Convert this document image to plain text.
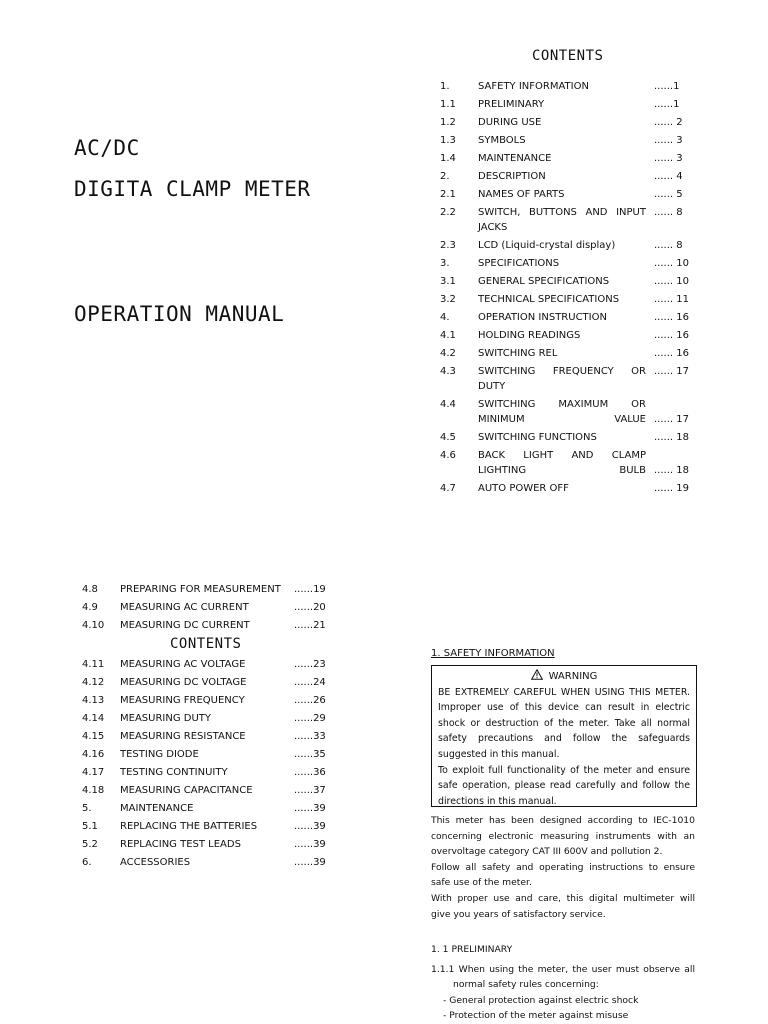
AC/DC
DIGITA CLAMP METER
OPERATION MANUAL
CONTENTS
1.	SAFETY INFORMATION	......1
1.1 PRELIMINARY	......1
1.2 DURING USE	...... 2
1.3 SYMBOLS	...... 3
1.4 MAINTENANCE	...... 3
2.	DESCRIPTION	...... 4
2.1 NAMES OF PARTS	...... 5
2.2 SWITCH, BUTTONS AND INPUT JACKS
...... 8
2.3 LCD (Liquid-crystal display)	...... 8
3.	SPECIFICATIONS	...... 10
3.1 GENERAL SPECIFICATIONS	...... 10
3.2 TECHNICAL SPECIFICATIONS	...... 11
4.	OPERATION INSTRUCTION	...... 16
4.1 HOLDING READINGS	...... 16
4.2 SWITCHING REL	...... 16
4.3 SWITCHING FREQUENCY OR DUTY
...... 17
4.4 SWITCHING MAXIMUM OR MINIMUM VALUE ...... 17
4.5 SWITCHING FUNCTIONS	...... 18
4.6 BACK LIGHT AND CLAMP LIGHTING BULB ...... 18
4.7 AUTO POWER OFF	...... 19
4.8 PREPARING FOR MEASUREMENT	......19
4.9 MEASURING AC CURRENT	......20
4.10 MEASURING DC CURRENT	......21
CONTENTS
4.11 MEASURING AC VOLTAGE	......23
4.12 MEASURING DC VOLTAGE	......24
4.13 MEASURING FREQUENCY	......26
4.14 MEASURING DUTY	......29
4.15 MEASURING RESISTANCE	......33
4.16 TESTING DIODE	......35
4.17 TESTING CONTINUITY	......36
4.18 MEASURING CAPACITANCE	......37
5.	MAINTENANCE	......39
5.1 REPLACING THE BATTERIES	......39
5.2 REPLACING TEST LEADS	......39
6.	ACCESSORIES	......39
1. SAFETY INFORMATION
WARNING

BE EXTREMELY CAREFUL WHEN USING THIS METER. Improper use of this device can result in electric shock or destruction of the meter. Take all normal safety precautions and follow the safeguards suggested in this manual.

To exploit full functionality of the meter and ensure safe operation, please read carefully and follow the directions in this manual.

This meter has been designed according to IEC-1010 concerning electronic measuring instruments with an overvoltage category CAT III 600V and pollution 2.

Follow all safety and operating instructions to ensure safe use of the meter.

With proper use and care, this digital multimeter will give you years of satisfactory service.

1. 1 PRELIMINARY

1.1.1 When using the meter, the user must observe all normal safety rules concerning:

- General protection against electric shock
- Protection of the meter against misuse
